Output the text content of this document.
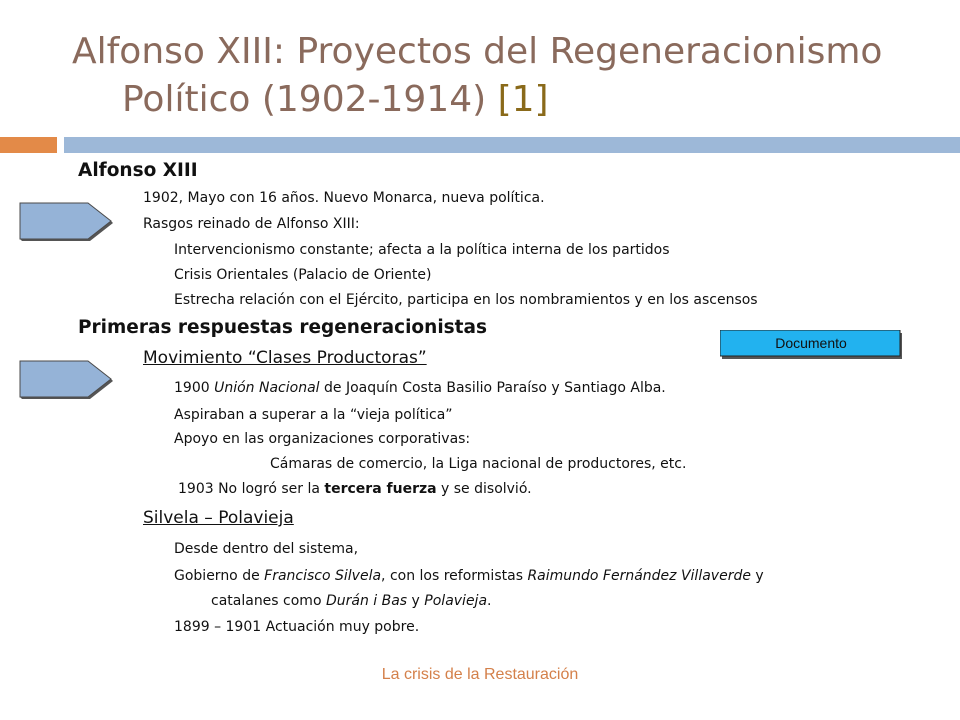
Alfonso XIII: Proyectos del Regeneracionismo
Político (1902-1914) [1]
Documento
Alfonso XIII
1902, Mayo con 16 años. Nuevo Monarca, nueva política.
Rasgos reinado de Alfonso XIII:
Intervencionismo constante; afecta a la política interna de los partidos
Crisis Orientales (Palacio de Oriente)
Estrecha relación con el Ejército, participa en los nombramientos y en los ascensos
Primeras respuestas regeneracionistas
Movimiento “Clases Productoras”
1900 Unión Nacional de Joaquín Costa Basilio Paraíso y Santiago Alba.
Aspiraban a superar a la “vieja política”
Apoyo en las organizaciones corporativas:
Cámaras de comercio, la Liga nacional de productores, etc.
1903 No logró ser la tercera fuerza y se disolvió.
Silvela – Polavieja
Desde dentro del sistema,
Gobierno de Francisco Silvela, con los reformistas Raimundo Fernández Villaverde y
catalanes como Durán i Bas y Polavieja.
1899 – 1901 Actuación muy pobre.
La crisis de la Restauración
